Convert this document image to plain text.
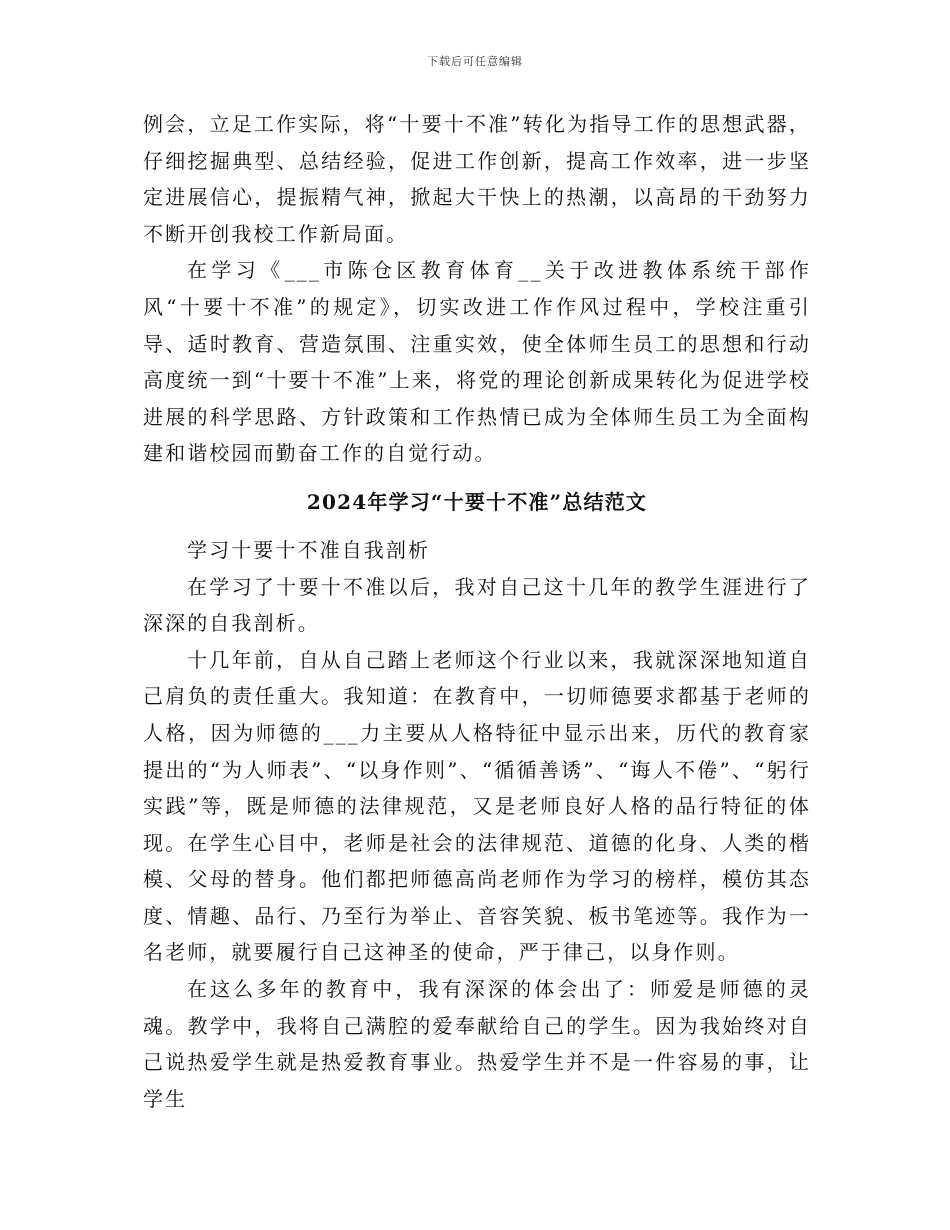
下载后可任意编辑

例会，立足工作实际，将“十要十不准”转化为指导工作的思想武器，仔细挖掘典型、总结经验，促进工作创新，提高工作效率，进一步坚定进展信心，提振精气神，掀起大干快上的热潮，以高昂的干劲努力不断开创我校工作新局面。

在学习《___市陈仓区教育体育__关于改进教体系统干部作风“十要十不准”的规定》，切实改进工作作风过程中，学校注重引导、适时教育、营造氛围、注重实效，使全体师生员工的思想和行动高度统一到“十要十不准”上来，将党的理论创新成果转化为促进学校进展的科学思路、方针政策和工作热情已成为全体师生员工为全面构建和谐校园而勤奋工作的自觉行动。

2024年学习“十要十不准”总结范文

学习十要十不准自我剖析

在学习了十要十不准以后，我对自己这十几年的教学生涯进行了深深的自我剖析。

十几年前，自从自己踏上老师这个行业以来，我就深深地知道自己肩负的责任重大。我知道：在教育中，一切师德要求都基于老师的人格，因为师德的___力主要从人格特征中显示出来，历代的教育家提出的“为人师表”、“以身作则”、“循循善诱”、“诲人不倦”、“躬行实践”等，既是师德的法律规范，又是老师良好人格的品行特征的体现。在学生心目中，老师是社会的法律规范、道德的化身、人类的楷模、父母的替身。他们都把师德高尚老师作为学习的榜样，模仿其态度、情趣、品行、乃至行为举止、音容笑貌、板书笔迹等。我作为一名老师，就要履行自己这神圣的使命，严于律己，以身作则。

在这么多年的教育中，我有深深的体会出了：师爱是师德的灵魂。教学中，我将自己满腔的爱奉献给自己的学生。因为我始终对自己说热爱学生就是热爱教育事业。热爱学生并不是一件容易的事，让学生
